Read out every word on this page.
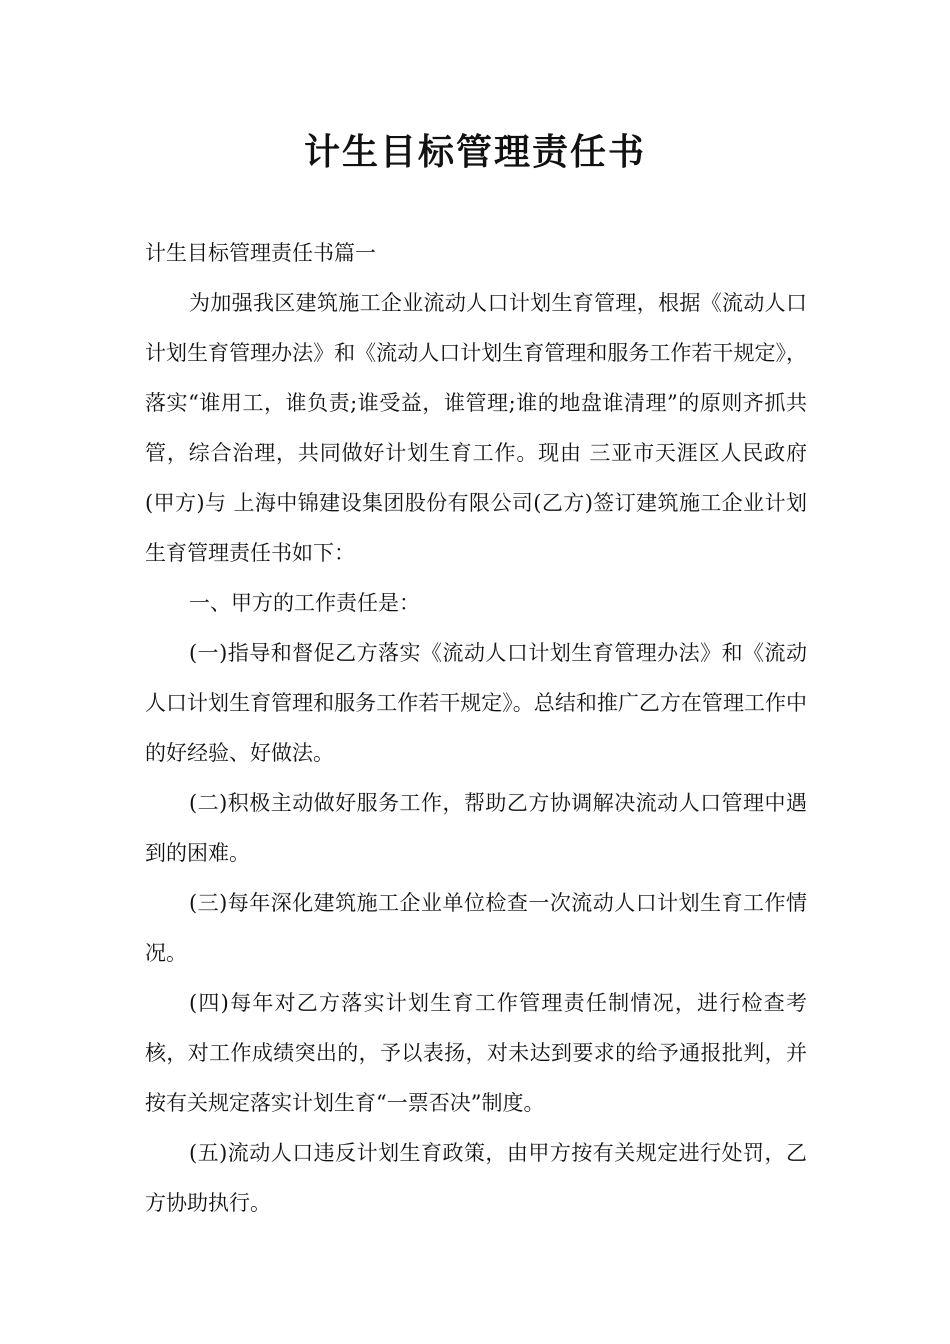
计生目标管理责任书

计生目标管理责任书篇一

为加强我区建筑施工企业流动人口计划生育管理，根据《流动人口计划生育管理办法》和《流动人口计划生育管理和服务工作若干规定》，落实“谁用工，谁负责;谁受益，谁管理;谁的地盘谁清理”的原则齐抓共管，综合治理，共同做好计划生育工作。现由 三亚市天涯区人民政府 (甲方)与 上海中锦建设集团股份有限公司(乙方)签订建筑施工企业计划生育管理责任书如下：

一、甲方的工作责任是：

(一)指导和督促乙方落实《流动人口计划生育管理办法》和《流动人口计划生育管理和服务工作若干规定》。总结和推广乙方在管理工作中的好经验、好做法。

(二)积极主动做好服务工作，帮助乙方协调解决流动人口管理中遇到的困难。

(三)每年深化建筑施工企业单位检查一次流动人口计划生育工作情况。

(四)每年对乙方落实计划生育工作管理责任制情况，进行检查考核，对工作成绩突出的，予以表扬，对未达到要求的给予通报批判，并按有关规定落实计划生育“一票否决”制度。

(五)流动人口违反计划生育政策，由甲方按有关规定进行处罚，乙方协助执行。
